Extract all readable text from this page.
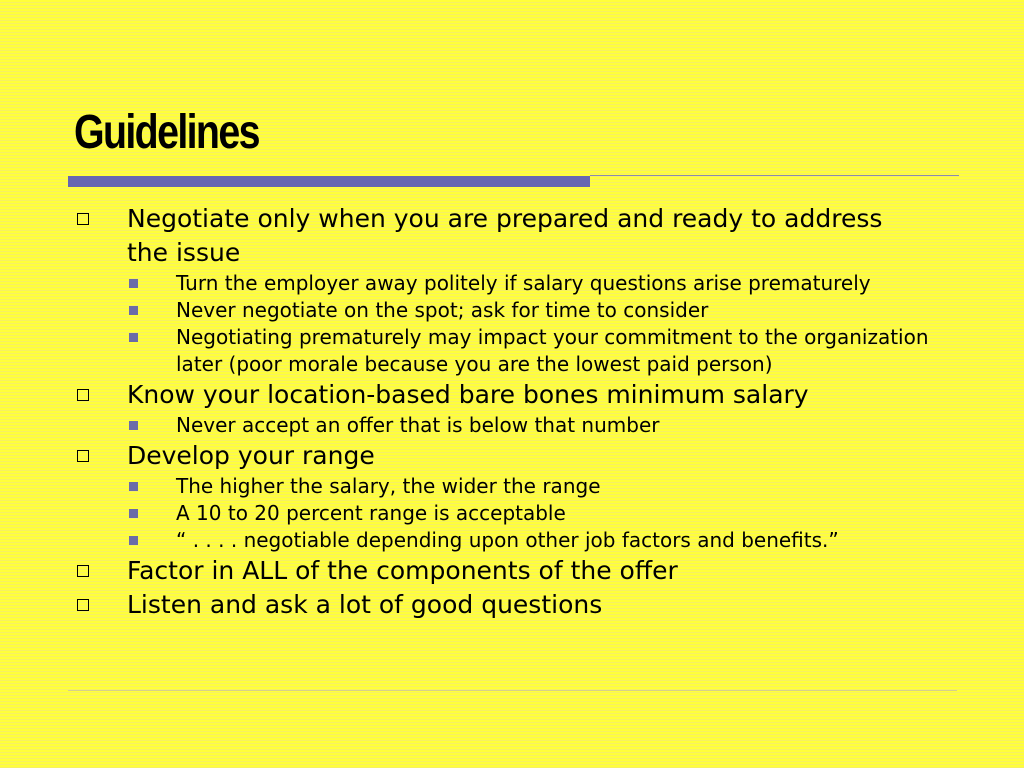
Guidelines
Negotiate only when you are prepared and ready to address the issue
Turn the employer away politely if salary questions arise prematurely
Never negotiate on the spot; ask for time to consider
Negotiating prematurely may impact your commitment to the organization later (poor morale because you are the lowest paid person)
Know your location-based bare bones minimum salary
Never accept an offer that is below that number
Develop your range
The higher the salary, the wider the range
A 10 to 20 percent range is acceptable
“ . . . . negotiable depending upon other job factors and benefits.”
Factor in ALL of the components of the offer
Listen and ask a lot of good questions
